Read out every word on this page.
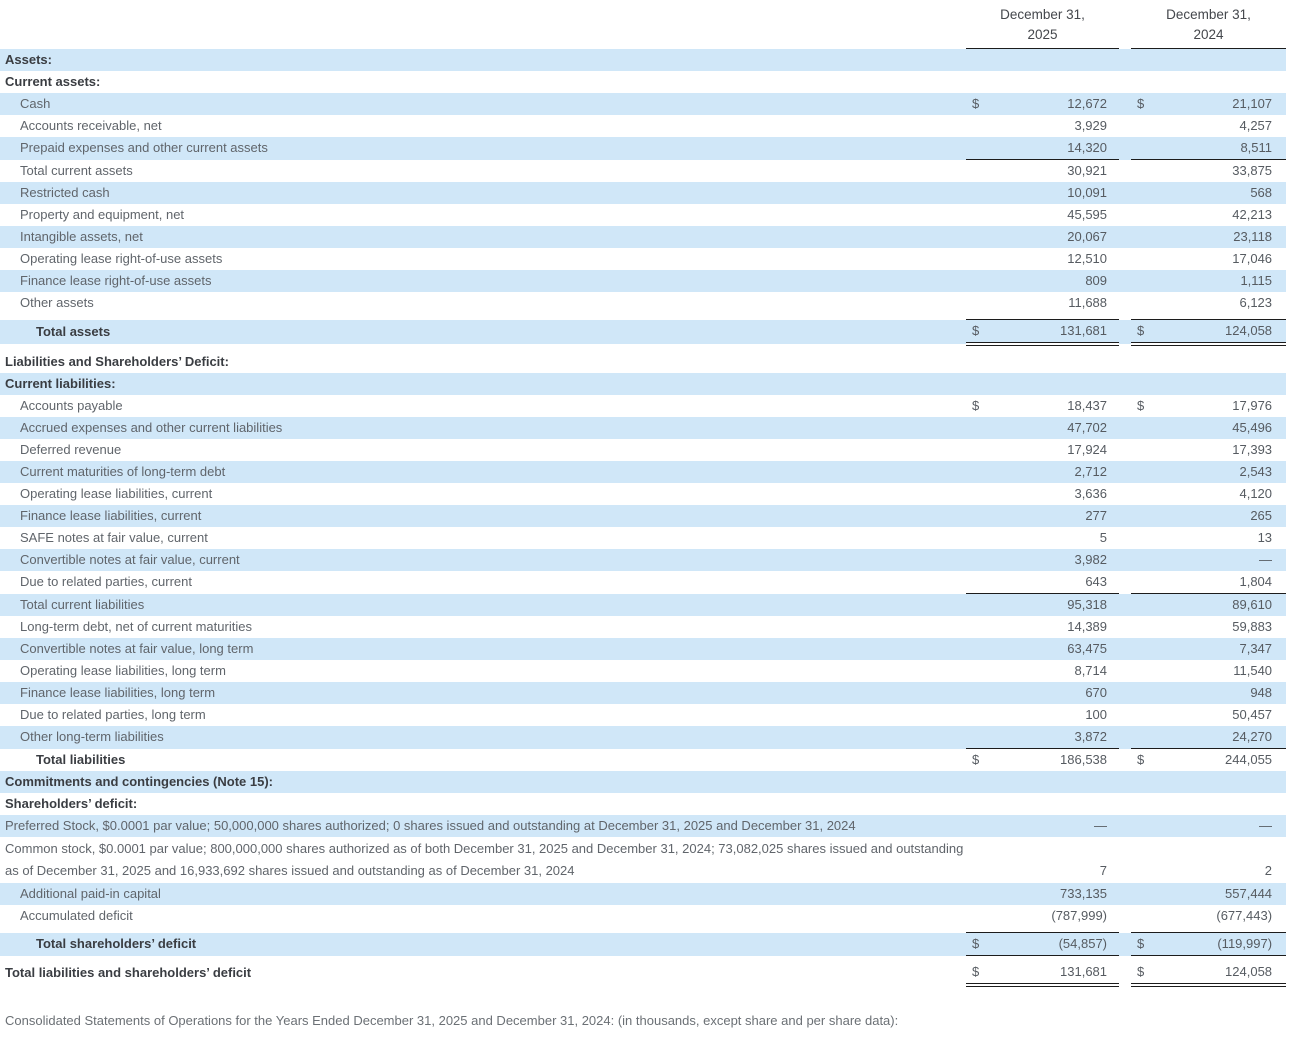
	December 31,
2025			December 31,
2024	
Assets:					
Current assets:					
Cash	$	12,672		$	21,107
Accounts receivable, net		3,929			4,257
Prepaid expenses and other current assets		14,320			8,511
Total current assets		30,921			33,875
Restricted cash		10,091			568
Property and equipment, net		45,595			42,213
Intangible assets, net		20,067			23,118
Operating lease right-of-use assets		12,510			17,046
Finance lease right-of-use assets		809			1,115
Other assets		11,688			6,123

Total assets	$	131,681		$	124,058

Liabilities and Shareholders’ Deficit:					
Current liabilities:					
Accounts payable	$	18,437		$	17,976
Accrued expenses and other current liabilities		47,702			45,496
Deferred revenue		17,924			17,393
Current maturities of long-term debt		2,712			2,543
Operating lease liabilities, current		3,636			4,120
Finance lease liabilities, current		277			265
SAFE notes at fair value, current		5			13
Convertible notes at fair value, current		3,982			—
Due to related parties, current		643			1,804
Total current liabilities		95,318			89,610
Long-term debt, net of current maturities		14,389			59,883
Convertible notes at fair value, long term		63,475			7,347
Operating lease liabilities, long term		8,714			11,540
Finance lease liabilities, long term		670			948
Due to related parties, long term		100			50,457
Other long-term liabilities		3,872			24,270
Total liabilities	$	186,538		$	244,055
Commitments and contingencies (Note 15):					
Shareholders’ deficit:					
Preferred Stock, $0.0001 par value; 50,000,000 shares authorized; 0 shares issued and outstanding at December 31, 2025 and December 31, 2024		—			—
Common stock, $0.0001 par value; 800,000,000 shares authorized as of both December 31, 2025 and December 31, 2024; 73,082,025 shares issued and outstanding as of December 31, 2025 and 16,933,692 shares issued and outstanding as of December 31, 2024		7			2
Additional paid-in capital		733,135			557,444
Accumulated deficit		(787,999)			(677,443)

Total shareholders’ deficit	$	(54,857)		$	(119,997)

Total liabilities and shareholders’ deficit	$	131,681		$	124,058
Consolidated Statements of Operations for the Years Ended December 31, 2025 and December 31, 2024: (in thousands, except share and per share data):
